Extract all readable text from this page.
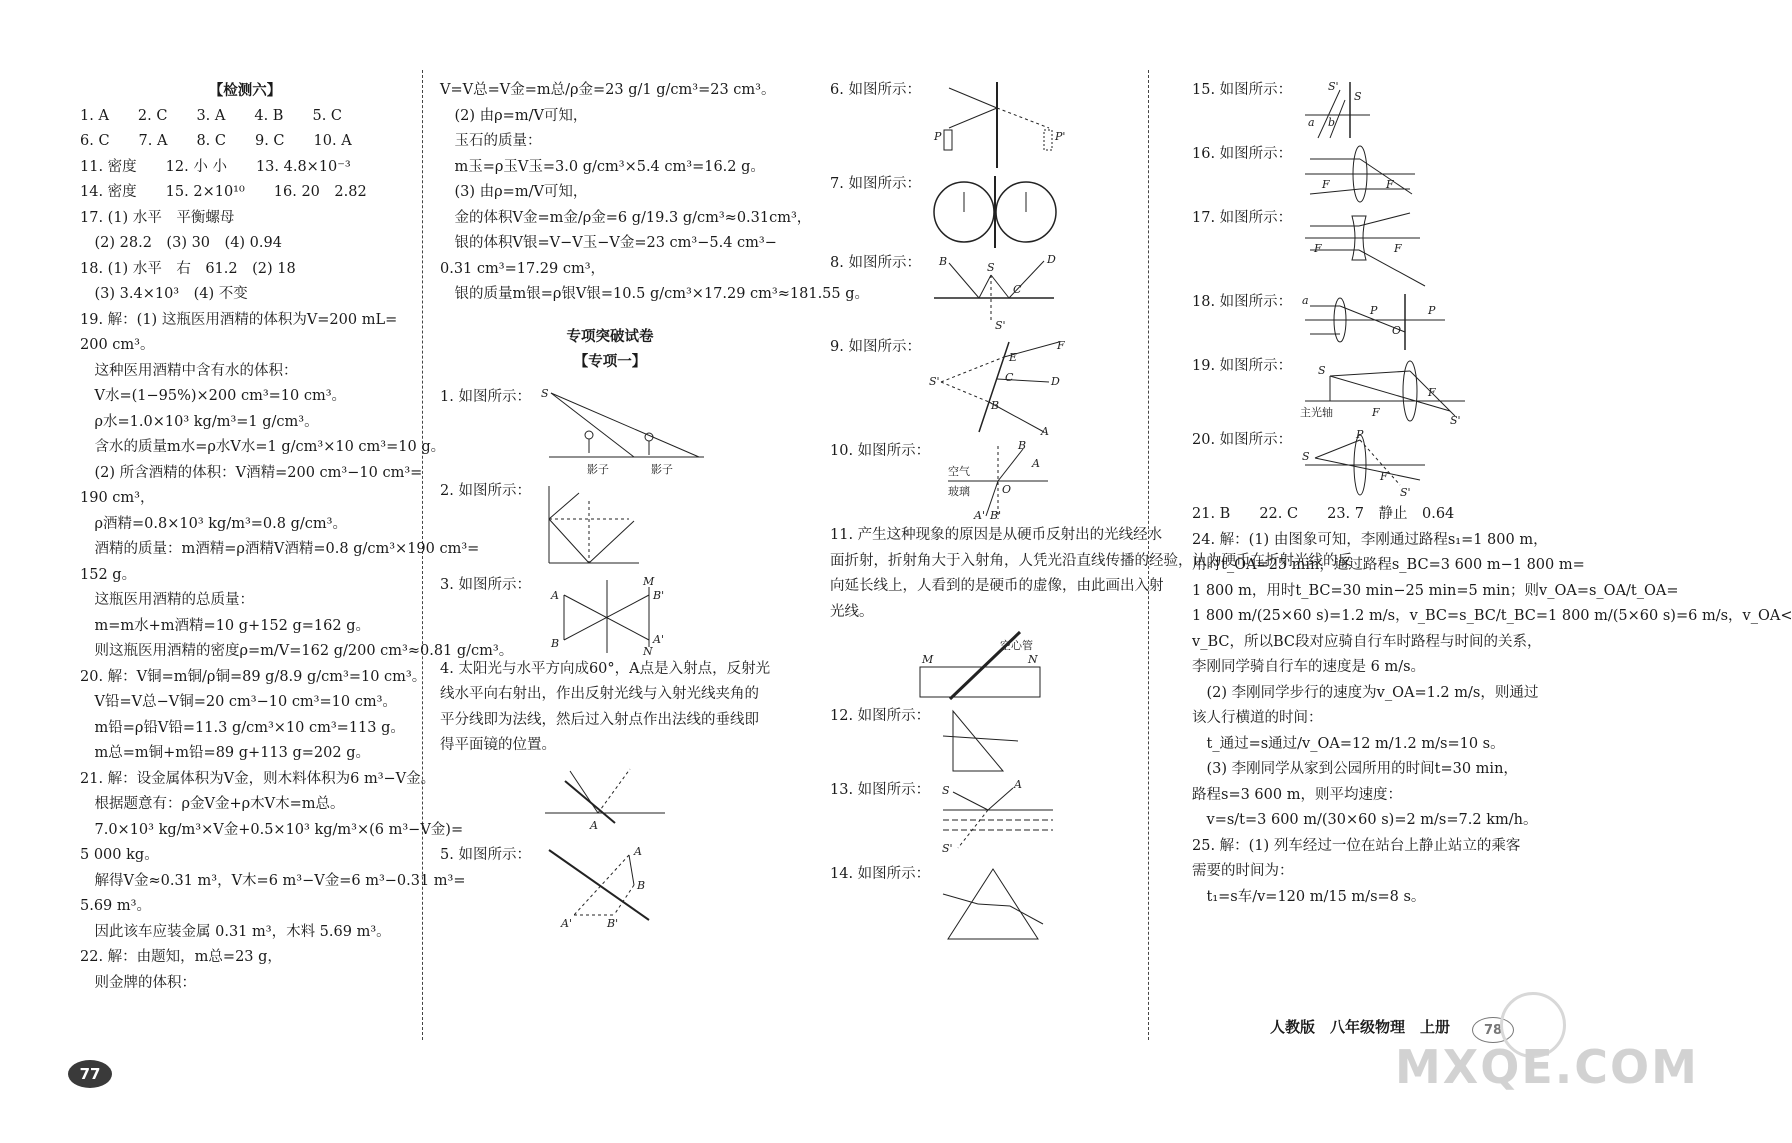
【检测六】
1. A　　2. C　　3. A　　4. B　　5. C
6. C　　7. A　　8. C　　9. C　　10. A
11. 密度　　12. 小 小　　13. 4.8×10⁻³
14. 密度　　15. 2×10¹⁰　　16. 20　2.82
17. (1) 水平　平衡螺母
　(2) 28.2　(3) 30　(4) 0.94
18. (1) 水平　右　61.2　(2) 18
　(3) 3.4×10³　(4) 不变
19. 解：(1) 这瓶医用酒精的体积为V=200 mL=
200 cm³。
　这种医用酒精中含有水的体积：
　V水=(1−95%)×200 cm³=10 cm³。
　ρ水=1.0×10³ kg/m³=1 g/cm³。
　含水的质量m水=ρ水V水=1 g/cm³×10 cm³=10 g。
　(2) 所含酒精的体积：V酒精=200 cm³−10 cm³=
190 cm³，
　ρ酒精=0.8×10³ kg/m³=0.8 g/cm³。
　酒精的质量：m酒精=ρ酒精V酒精=0.8 g/cm³×190 cm³=
152 g。
　这瓶医用酒精的总质量：
　m=m水+m酒精=10 g+152 g=162 g。
　则这瓶医用酒精的密度ρ=m/V=162 g/200 cm³≈0.81 g/cm³。
20. 解：V铜=m铜/ρ铜=89 g/8.9 g/cm³=10 cm³。
　V铅=V总−V铜=20 cm³−10 cm³=10 cm³。
　m铅=ρ铅V铅=11.3 g/cm³×10 cm³=113 g。
　m总=m铜+m铅=89 g+113 g=202 g。
21. 解：设金属体积为V金，则木料体积为6 m³−V金。
　根据题意有：ρ金V金+ρ木V木=m总。
　7.0×10³ kg/m³×V金+0.5×10³ kg/m³×(6 m³−V金)=
5 000 kg。
　解得V金≈0.31 m³，V木=6 m³−V金=6 m³−0.31 m³=
5.69 m³。
　因此该车应装金属 0.31 m³，木料 5.69 m³。
22. 解：由题知，m总=23 g，
　则金牌的体积：
V=V总=V金=m总/ρ金=23 g/1 g/cm³=23 cm³。
　(2) 由ρ=m/V可知，
　玉石的质量：
　m玉=ρ玉V玉=3.0 g/cm³×5.4 cm³=16.2 g。
　(3) 由ρ=m/V可知，
　金的体积V金=m金/ρ金=6 g/19.3 g/cm³≈0.31cm³，
　银的体积V银=V−V玉−V金=23 cm³−5.4 cm³−
0.31 cm³=17.29 cm³，
　银的质量m银=ρ银V银=10.5 g/cm³×17.29 cm³≈181.55 g。
专项突破试卷
【专项一】
1. 如图所示： S
影子	影子
2. 如图所示：
3. 如图所示：
A
B
M
B'
A'
N
4. 太阳光与水平方向成60°，A点是入射点，反射光
线水平向右射出，作出反射光线与入射光线夹角的
平分线即为法线，然后过入射点作出法线的垂线即
得平面镜的位置。
A
5. 如图所示：	A
B
A'	B'
6. 如图所示：
P	P'
7. 如图所示：
8. 如图所示： B	S
C
D
S'
9. 如图所示：	F
E
S'	C	D
B
A
10. 如图所示：	B
A
空气
玻璃	O
A' B'
11. 产生这种现象的原因是从硬币反射出的光线经水
面折射，折射角大于入射角，人凭光沿直线传播的经验，认为硬币在折射光线的反
向延长线上，人看到的是硬币的虚像，由此画出入射
光线。
空心管
M	N
12. 如图所示：
13. 如图所示： S	A
S'
14. 如图所示：
15. 如图所示：	S'
S
a b
16. 如图所示：
F	F
17. 如图所示：
F	F
18. 如图所示： a
P	P
O
19. 如图所示： S
主光轴	F
F
S'
20. 如图所示：	P
S
F
S'
21. B　　22. C　　23. 7　静止　0.64
24. 解：(1) 由图象可知，李刚通过路程s₁=1 800 m，
用时t_OA=25 min，通过路程s_BC=3 600 m−1 800 m=
1 800 m，用时t_BC=30 min−25 min=5 min；则v_OA=s_OA/t_OA=
1 800 m/(25×60 s)=1.2 m/s，v_BC=s_BC/t_BC=1 800 m/(5×60 s)=6 m/s，v_OA<
v_BC，所以BC段对应骑自行车时路程与时间的关系，
李刚同学骑自行车的速度是 6 m/s。
　(2) 李刚同学步行的速度为v_OA=1.2 m/s，则通过
该人行横道的时间：
　t_通过=s通过/v_OA=12 m/1.2 m/s=10 s。
　(3) 李刚同学从家到公园所用的时间t=30 min，
路程s=3 600 m，则平均速度：
　v=s/t=3 600 m/(30×60 s)=2 m/s=7.2 km/h。
25. 解：(1) 列车经过一位在站台上静止站立的乘客
需要的时间为：
　t₁=s车/v=120 m/15 m/s=8 s。
人教版　八年级物理　上册
77
78
MXQE.COM
